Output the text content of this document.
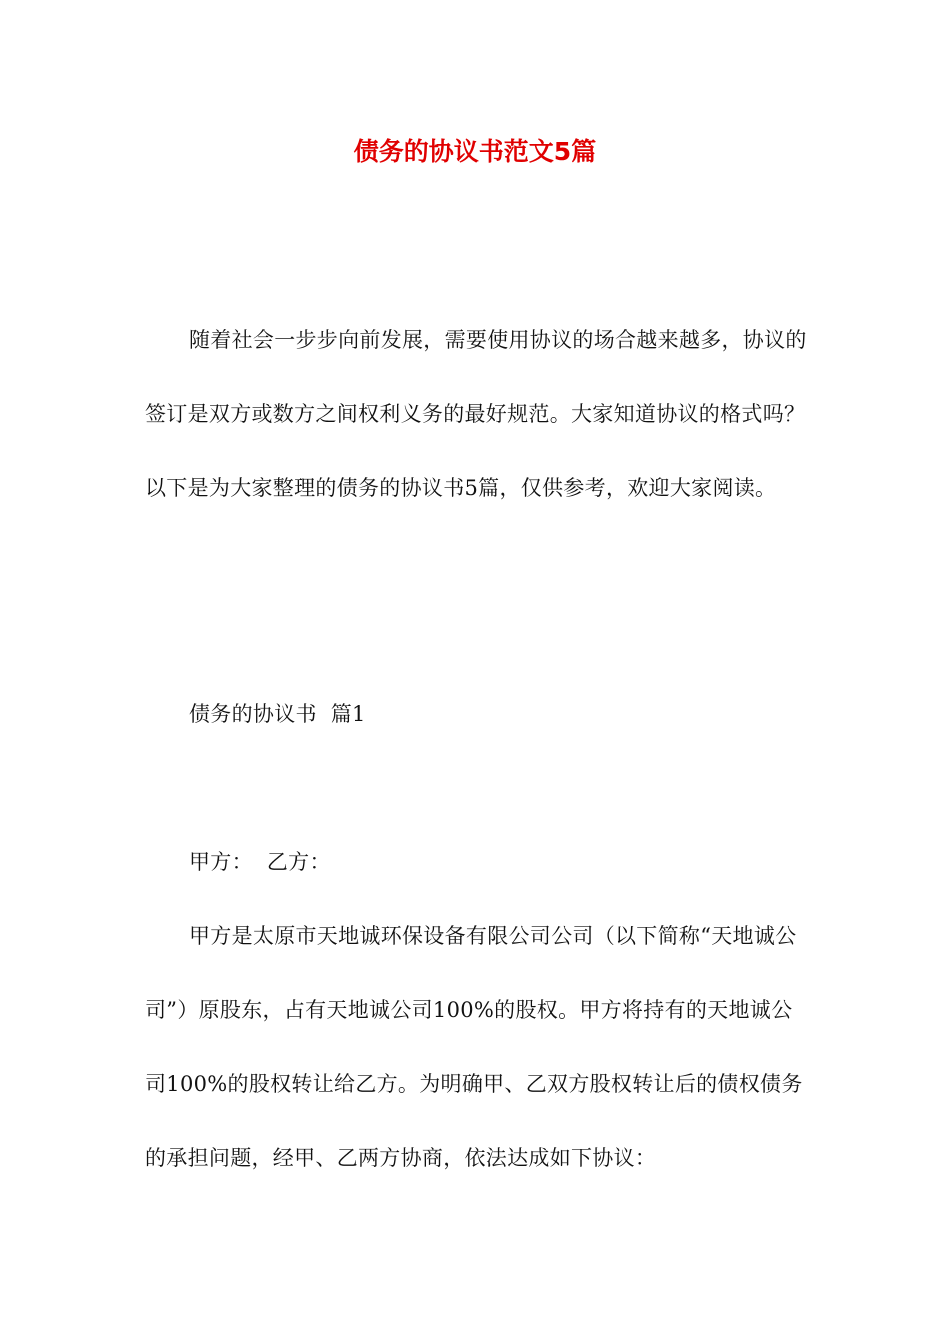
债务的协议书范文5篇

随着社会一步步向前发展，需要使用协议的场合越来越多，协议的签订是双方或数方之间权利义务的最好规范。大家知道协议的格式吗？以下是为大家整理的债务的协议书5篇，仅供参考，欢迎大家阅读。

债务的协议书  篇1

甲方：  乙方：

甲方是太原市天地诚环保设备有限公司公司（以下简称“天地诚公司”）原股东，占有天地诚公司100%的股权。甲方将持有的天地诚公司100%的股权转让给乙方。为明确甲、乙双方股权转让后的债权债务的承担问题，经甲、乙两方协商，依法达成如下协议：
